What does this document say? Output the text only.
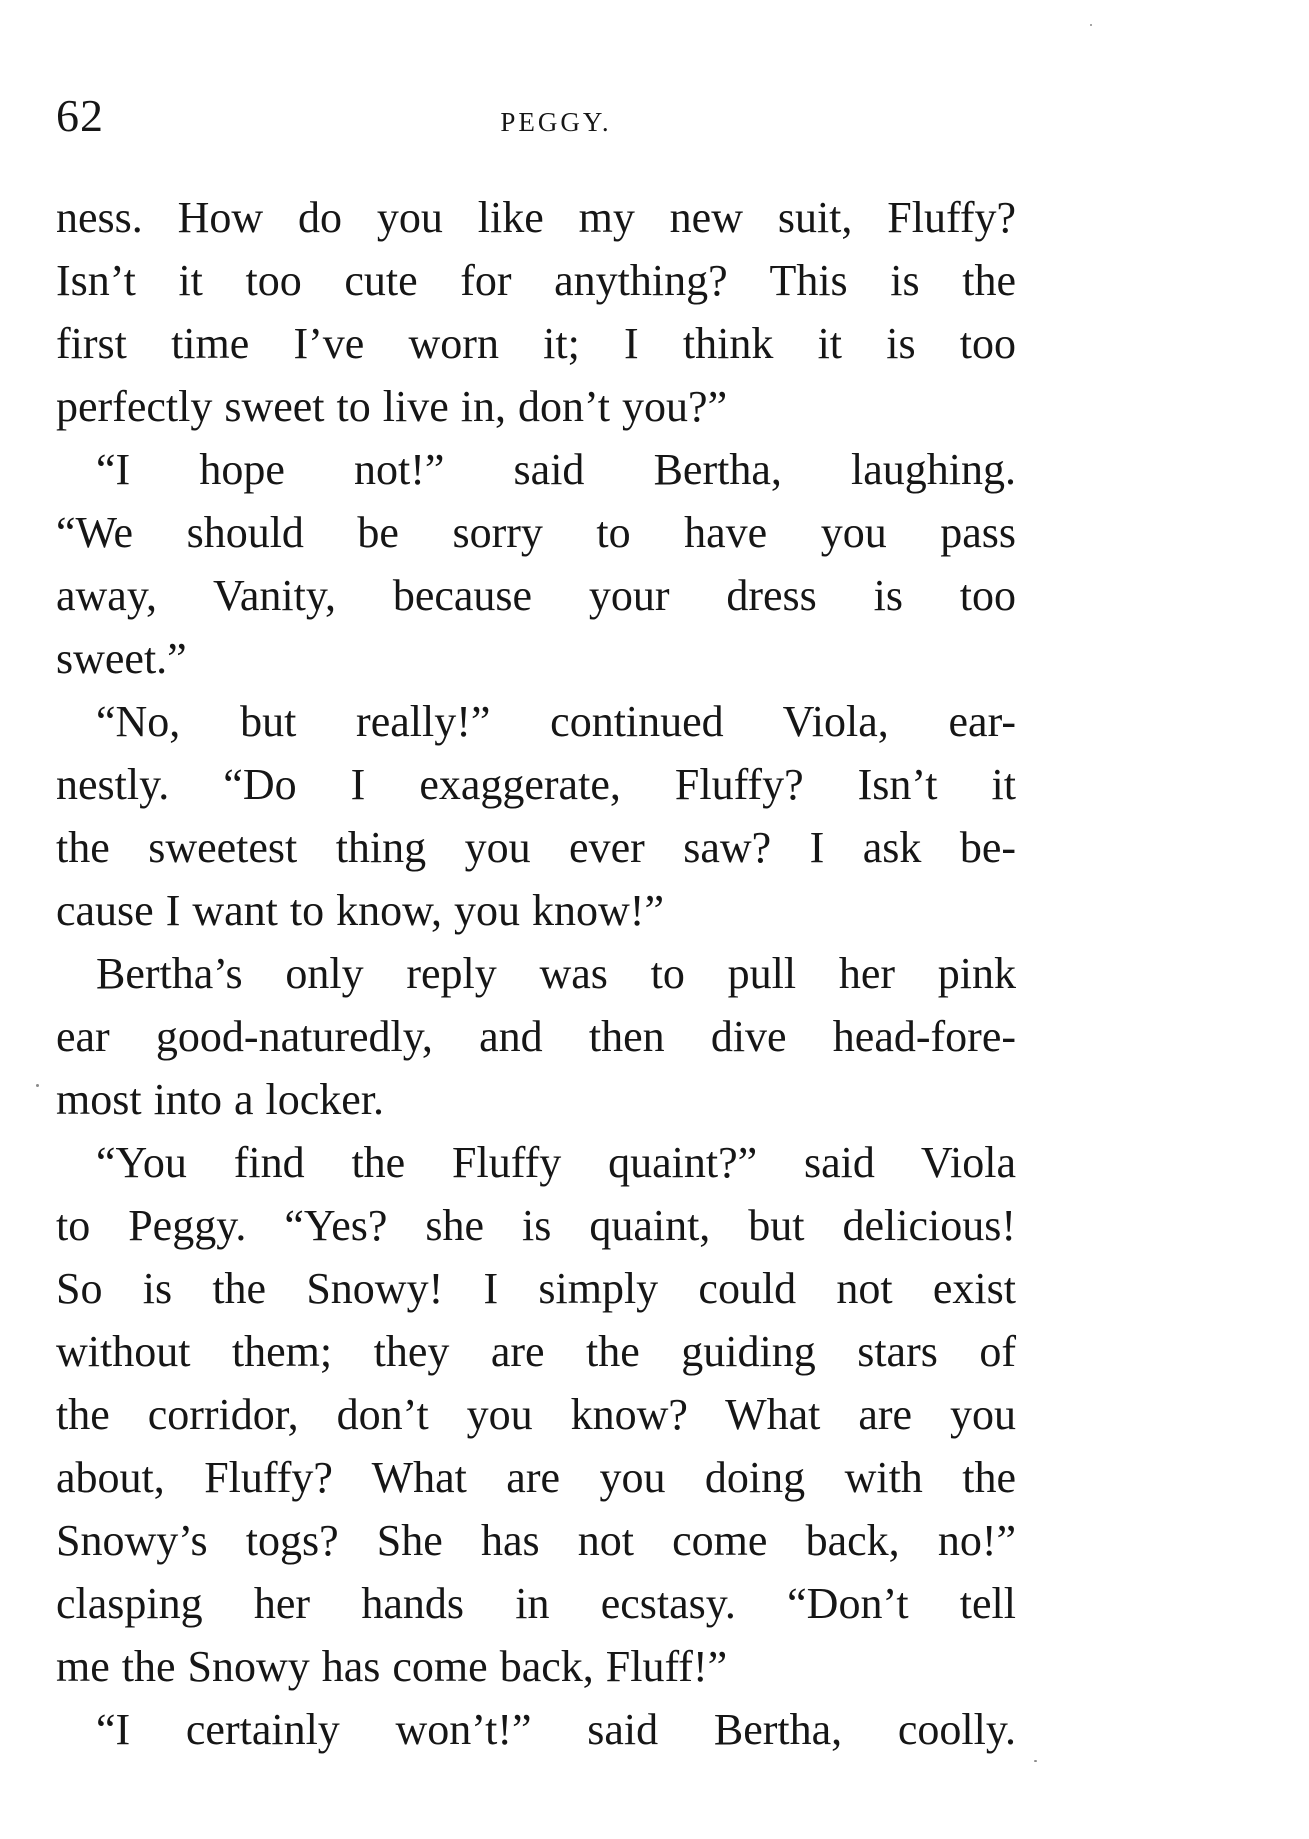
62	PEGGY.
ness. How do you like my new suit, Fluffy?
Isn’t it too cute for anything? This is the
first time I’ve worn it; I think it is too
perfectly sweet to live in, don’t you?”
“I hope not!” said Bertha, laughing.
“We should be sorry to have you pass
away, Vanity, because your dress is too
sweet.”
“No, but really!” continued Viola, ear-
nestly. “Do I exaggerate, Fluffy? Isn’t it
the sweetest thing you ever saw? I ask be-
cause I want to know, you know!”
Bertha’s only reply was to pull her pink
ear good-naturedly, and then dive head-fore-
most into a locker.
“You find the Fluffy quaint?” said Viola
to Peggy. “Yes? she is quaint, but delicious!
So is the Snowy! I simply could not exist
without them; they are the guiding stars of
the corridor, don’t you know? What are you
about, Fluffy? What are you doing with the
Snowy’s togs? She has not come back, no!”
clasping her hands in ecstasy. “Don’t tell
me the Snowy has come back, Fluff!”
“I certainly won’t!” said Bertha, coolly.
